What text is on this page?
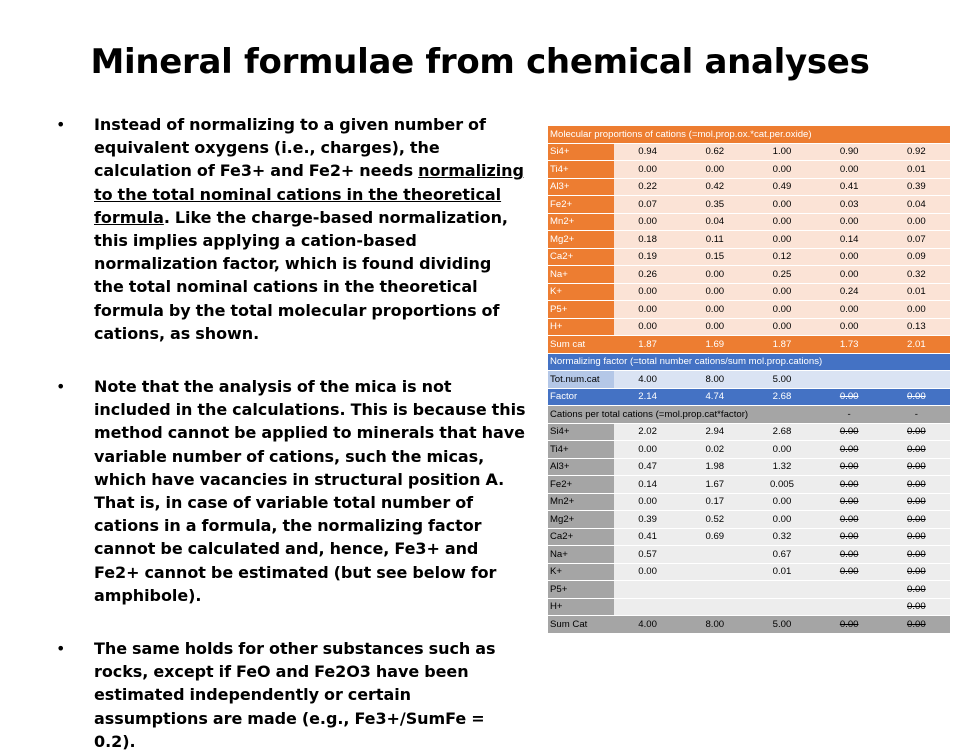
Mineral formulae from chemical analyses
• Instead of normalizing to a given number of equivalent oxygens (i.e., charges), the calculation of Fe3+ and Fe2+ needs normalizing to the total nominal cations in the theoretical formula. Like the charge-based normalization, this implies applying a cation-based normalization factor, which is found dividing the total nominal cations in the theoretical formula by the total molecular proportions of cations, as shown.
• Note that the analysis of the mica is not included in the calculations. This is because this method cannot be applied to minerals that have variable number of cations, such the micas, which have vacancies in structural position A. That is, in case of variable total number of cations in a formula, the normalizing factor cannot be calculated and, hence, Fe3+ and Fe2+ cannot be estimated (but see below for amphibole).
• The same holds for other substances such as rocks, except if FeO and Fe2O3 have been estimated independently or certain assumptions are made (e.g., Fe3+/SumFe = 0.2).
Molecular proportions of cations (=mol.prop.ox.*cat.per.oxide)					
Si4+	0.94	0.62	1.00	0.90	0.92
Ti4+	0.00	0.00	0.00	0.00	0.01
Al3+	0.22	0.42	0.49	0.41	0.39
Fe2+	0.07	0.35	0.00	0.03	0.04
Mn2+	0.00	0.04	0.00	0.00	0.00
Mg2+	0.18	0.11	0.00	0.14	0.07
Ca2+	0.19	0.15	0.12	0.00	0.09
Na+	0.26	0.00	0.25	0.00	0.32
K+	0.00	0.00	0.00	0.24	0.01
P5+	0.00	0.00	0.00	0.00	0.00
H+	0.00	0.00	0.00	0.00	0.13
Sum cat	1.87	1.69	1.87	1.73	2.01
Normalizing factor (=total number cations/sum mol.prop.cations)					
Tot.num.cat	4.00	8.00	5.00		
Factor	2.14	4.74	2.68	0.00	0.00
Cations per total cations (=mol.prop.cat*factor)				-	-
Si4+	2.02	2.94	2.68	0.00	0.00
Ti4+	0.00	0.02	0.00	0.00	0.00
Al3+	0.47	1.98	1.32	0.00	0.00
Fe2+	0.14	1.67	0.005	0.00	0.00
Mn2+	0.00	0.17	0.00	0.00	0.00
Mg2+	0.39	0.52	0.00	0.00	0.00
Ca2+	0.41	0.69	0.32	0.00	0.00
Na+	0.57		0.67	0.00	0.00
K+	0.00		0.01	0.00	0.00
P5+					0.00
H+					0.00
Sum Cat	4.00	8.00	5.00	0.00	0.00
